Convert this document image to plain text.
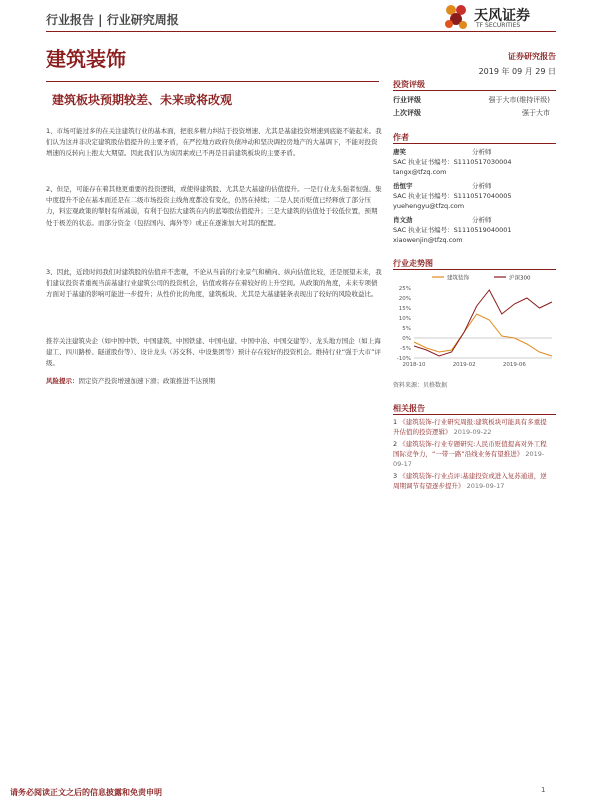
行业报告 | 行业研究周报	天风证券
TF SECURITIES
建筑装饰
建筑板块预期较差、未来或将改观
证券研究报告
2019 年 09 月 29 日
投资评级
行业评级	强于大市(维持评级)
上次评级	强于大市
作者
唐笑	分析师
SAC 执业证书编号：S1110517030004
tangx@tfzq.com
岳恒宇	分析师
SAC 执业证书编号：S1110517040005
yuehengyu@tfzq.com
肖文劲	分析师
SAC 执业证书编号：S1110519040001
xiaowenjin@tfzq.com
行业走势图
25%
20%
15%
10%
5%
0%
-5%
-10%
2018-10	2019-02	2019-06
建筑装饰	沪深300
资料来源：贝格数据
相关报告
1 《建筑装饰-行业研究周报:建筑板块可能具有多重提升估值的投资逻辑》 2019-09-22
2 《建筑装饰-行业专题研究:人民币贬值提高对外工程国际竞争力，“一带一路”沿线业务有望推进》 2019-09-17
3 《建筑装饰-行业点评:基建投资或进入复苏通道，逆周期调节有望逐步提升》 2019-09-17

1、市场可能过多的在关注建筑行业的基本面，把很多精力纠结于投资增速、尤其是基建投资增速到底能不能起来。我们认为这并非决定建筑股估值提升的主要矛盾，在严控地方政府负债冲动和坚决调控房地产的大基调下，不能对投资增速的反转向上抱太大期望。因此我们认为该因素或已不再是目前建筑板块的主要矛盾。

2、但是，可能存在着其他更重要的投资逻辑，或使得建筑股、尤其是大基建的估值提升。一是行业龙头强者恒强、集中度提升不论在基本面还是在二级市场投资主线角度都没有变化，仍然在持续；二是人民币贬值已经释放了部分压力，料宏观政策的掣肘有所减弱，有利于包括大建筑在内的蓝筹股估值提升；三是大建筑的估值处于较低位置，预期处于极差的状态。而部分资金（包括国内、海外等）或正在逐渐加大对其的配置。

3、因此，近段时间我们对建筑股的估值并不悲观，不论从当前的行业景气和横向、纵向估值比较，还是展望未来，我们建议投资者重视当前基建行业建筑公司的投资机会，估值或将存在着较好的上升空间。从政策的角度，未来专项债方面对于基建的影响可能进一步提升；从性价比的角度，建筑板块、尤其是大基建链条表现出了较好的风险收益比。

推荐关注建筑央企（如中国中铁、中国建筑、中国铁建、中国电建、中国中冶、中国交建等）、龙头地方国企（如上海建工、四川路桥、隧道股份等）、设计龙头（苏交科、中设集团等）预计存在较好的投资机会。维持行业“强于大市”评级。

风险提示：固定资产投资增速加速下滑；政策推进不达预期
请务必阅读正文之后的信息披露和免责申明	1
